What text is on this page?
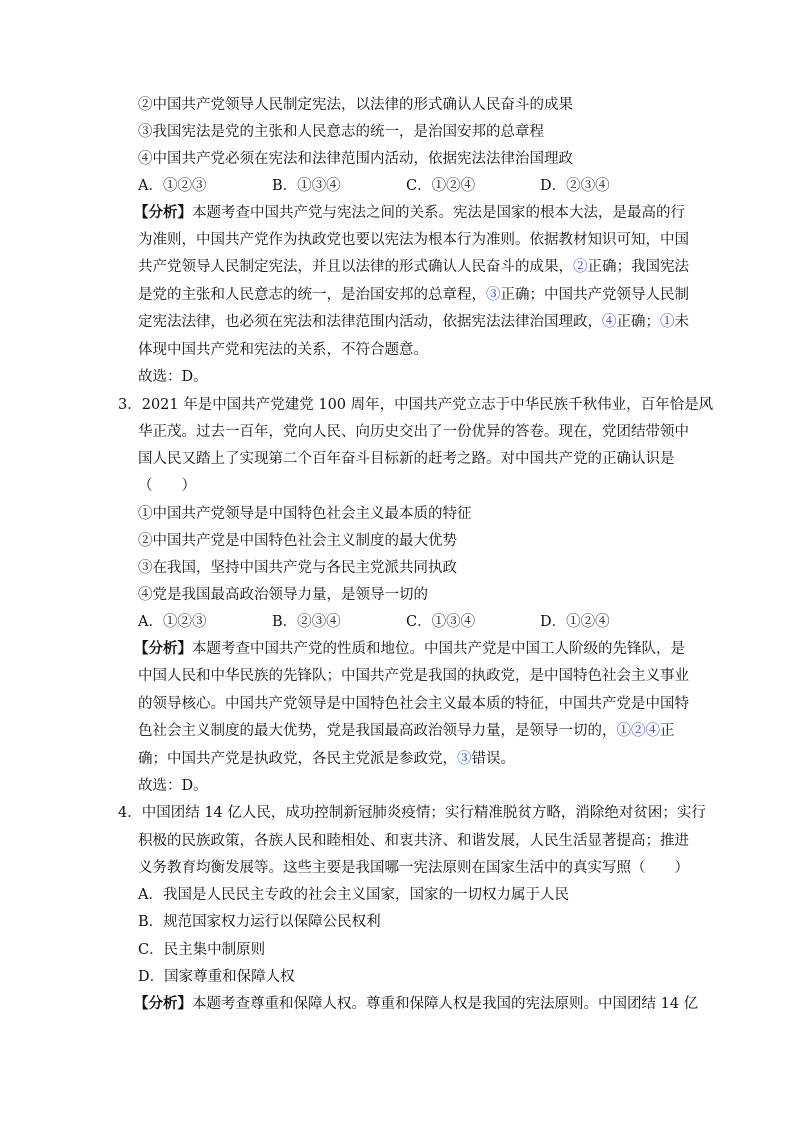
②中国共产党领导人民制定宪法，以法律的形式确认人民奋斗的成果
③我国宪法是党的主张和人民意志的统一，是治国安邦的总章程
④中国共产党必须在宪法和法律范围内活动，依据宪法法律治国理政
A．①②③	B．①③④	C．①②④	D．②③④
【分析】本题考查中国共产党与宪法之间的关系。宪法是国家的根本大法，是最高的行
为准则，中国共产党作为执政党也要以宪法为根本行为准则。依据教材知识可知，中国
共产党领导人民制定宪法，并且以法律的形式确认人民奋斗的成果，②正确；我国宪法
是党的主张和人民意志的统一，是治国安邦的总章程，③正确；中国共产党领导人民制
定宪法法律，也必须在宪法和法律范围内活动，依据宪法法律治国理政，④正确；①未
体现中国共产党和宪法的关系，不符合题意。
故选：D。
3．2021 年是中国共产党建党 100 周年，中国共产党立志于中华民族千秋伟业，百年恰是风
华正茂。过去一百年，党向人民、向历史交出了一份优异的答卷。现在，党团结带领中
国人民又踏上了实现第二个百年奋斗目标新的赶考之路。对中国共产党的正确认识是
（　　）
①中国共产党领导是中国特色社会主义最本质的特征
②中国共产党是中国特色社会主义制度的最大优势
③在我国，坚持中国共产党与各民主党派共同执政
④党是我国最高政治领导力量，是领导一切的
A．①②③	B．②③④	C．①③④	D．①②④
【分析】本题考查中国共产党的性质和地位。中国共产党是中国工人阶级的先锋队，是
中国人民和中华民族的先锋队；中国共产党是我国的执政党，是中国特色社会主义事业
的领导核心。中国共产党领导是中国特色社会主义最本质的特征，中国共产党是中国特
色社会主义制度的最大优势，党是我国最高政治领导力量，是领导一切的，①②④正
确；中国共产党是执政党，各民主党派是参政党，③错误。
故选：D。
4．中国团结 14 亿人民，成功控制新冠肺炎疫情；实行精准脱贫方略，消除绝对贫困；实行
积极的民族政策，各族人民和睦相处、和衷共济、和谐发展，人民生活显著提高；推进
义务教育均衡发展等。这些主要是我国哪一宪法原则在国家生活中的真实写照（　　）
A．我国是人民民主专政的社会主义国家，国家的一切权力属于人民
B．规范国家权力运行以保障公民权利
C．民主集中制原则
D．国家尊重和保障人权
【分析】本题考查尊重和保障人权。尊重和保障人权是我国的宪法原则。中国团结 14 亿
